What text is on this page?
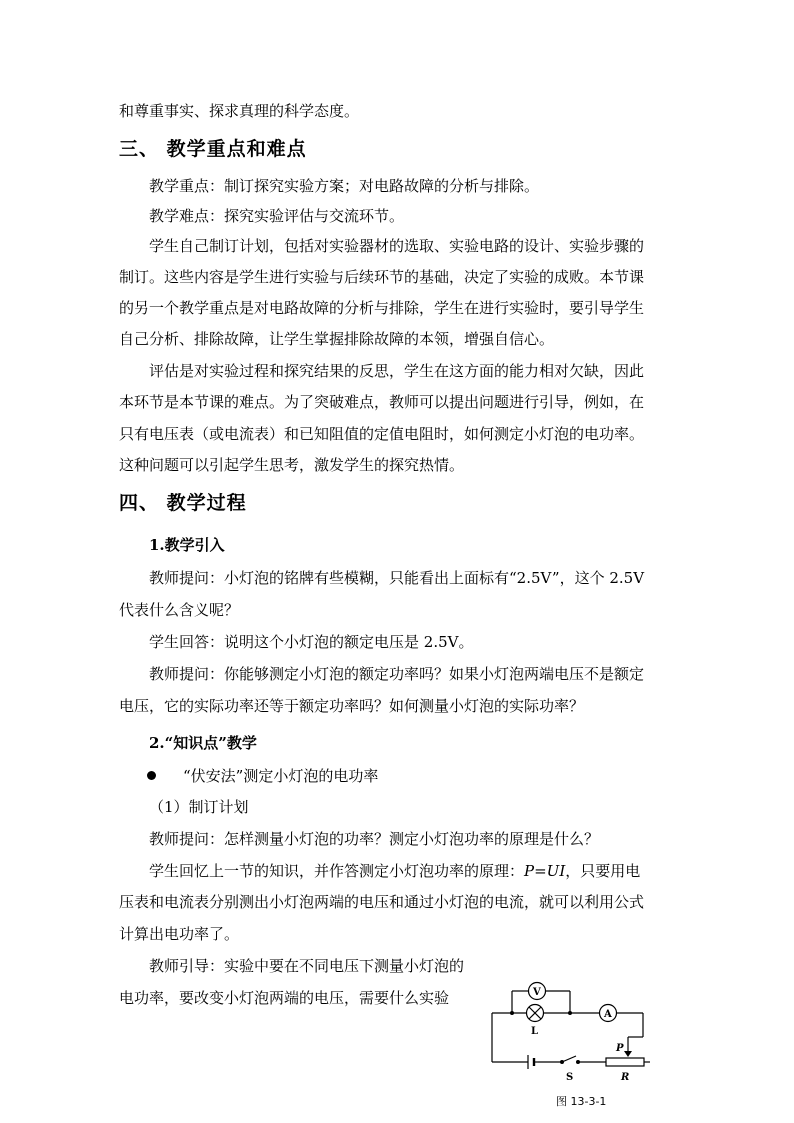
和尊重事实、探求真理的科学态度。
三、 教学重点和难点
教学重点：制订探究实验方案；对电路故障的分析与排除。
教学难点：探究实验评估与交流环节。
学生自己制订计划，包括对实验器材的选取、实验电路的设计、实验步骤的
制订。这些内容是学生进行实验与后续环节的基础，决定了实验的成败。本节课
的另一个教学重点是对电路故障的分析与排除，学生在进行实验时，要引导学生
自己分析、排除故障，让学生掌握排除故障的本领，增强自信心。
评估是对实验过程和探究结果的反思，学生在这方面的能力相对欠缺，因此
本环节是本节课的难点。为了突破难点，教师可以提出问题进行引导，例如，在
只有电压表（或电流表）和已知阻值的定值电阻时，如何测定小灯泡的电功率。
这种问题可以引起学生思考，激发学生的探究热情。
四、 教学过程
1.教学引入
教师提问：小灯泡的铭牌有些模糊，只能看出上面标有“2.5V”，这个 2.5V
代表什么含义呢？
学生回答：说明这个小灯泡的额定电压是 2.5V。
教师提问：你能够测定小灯泡的额定功率吗？如果小灯泡两端电压不是额定
电压，它的实际功率还等于额定功率吗？如何测量小灯泡的实际功率？
2.“知识点”教学
“伏安法”测定小灯泡的电功率
（1）制订计划
教师提问：怎样测量小灯泡的功率？测定小灯泡功率的原理是什么？
学生回忆上一节的知识，并作答测定小灯泡功率的原理：P=UI，只要用电
压表和电流表分别测出小灯泡两端的电压和通过小灯泡的电流，就可以利用公式
计算出电功率了。
教师引导：实验中要在不同电压下测量小灯泡的
电功率，要改变小灯泡两端的电压，需要什么实验	V
A
L
P
S	R
图 13-3-1
